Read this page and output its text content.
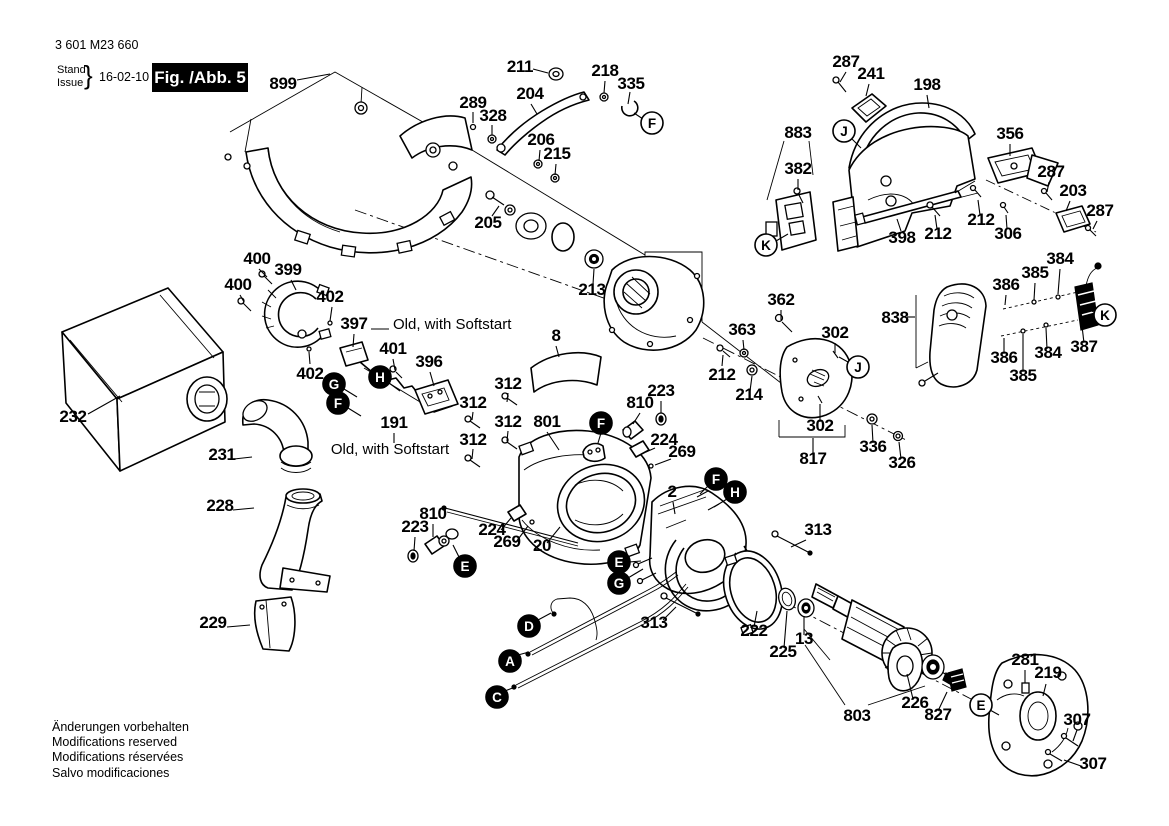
3 601 M23 660
Stand
Issue } 16-02-10 Fig. /Abb. 5
Änderungen vorbehalten
Modifications reserved
Modifications réservées
Salvo modificaciones
899
211	218
335
289
328
204
206
215
205
213
287
241
198
883
382
356
287
203
287
398 212
212
306
400
399
400
402
397 Old, with Softstart
401
396
402
191
Old, with Softstart
232
231
228
229
8
312
312
312
312
801
810
223
224
269
2
224
223
810
269 20
313
313
362
363	302
212
214
302
817
336
326
838
384
385
386
387
386
385
384
222
225
13
803
226
827
281
219
307
307
F
J
K
J
K
E
G	H
F
F
F
H
E	E
G
D
A
C
